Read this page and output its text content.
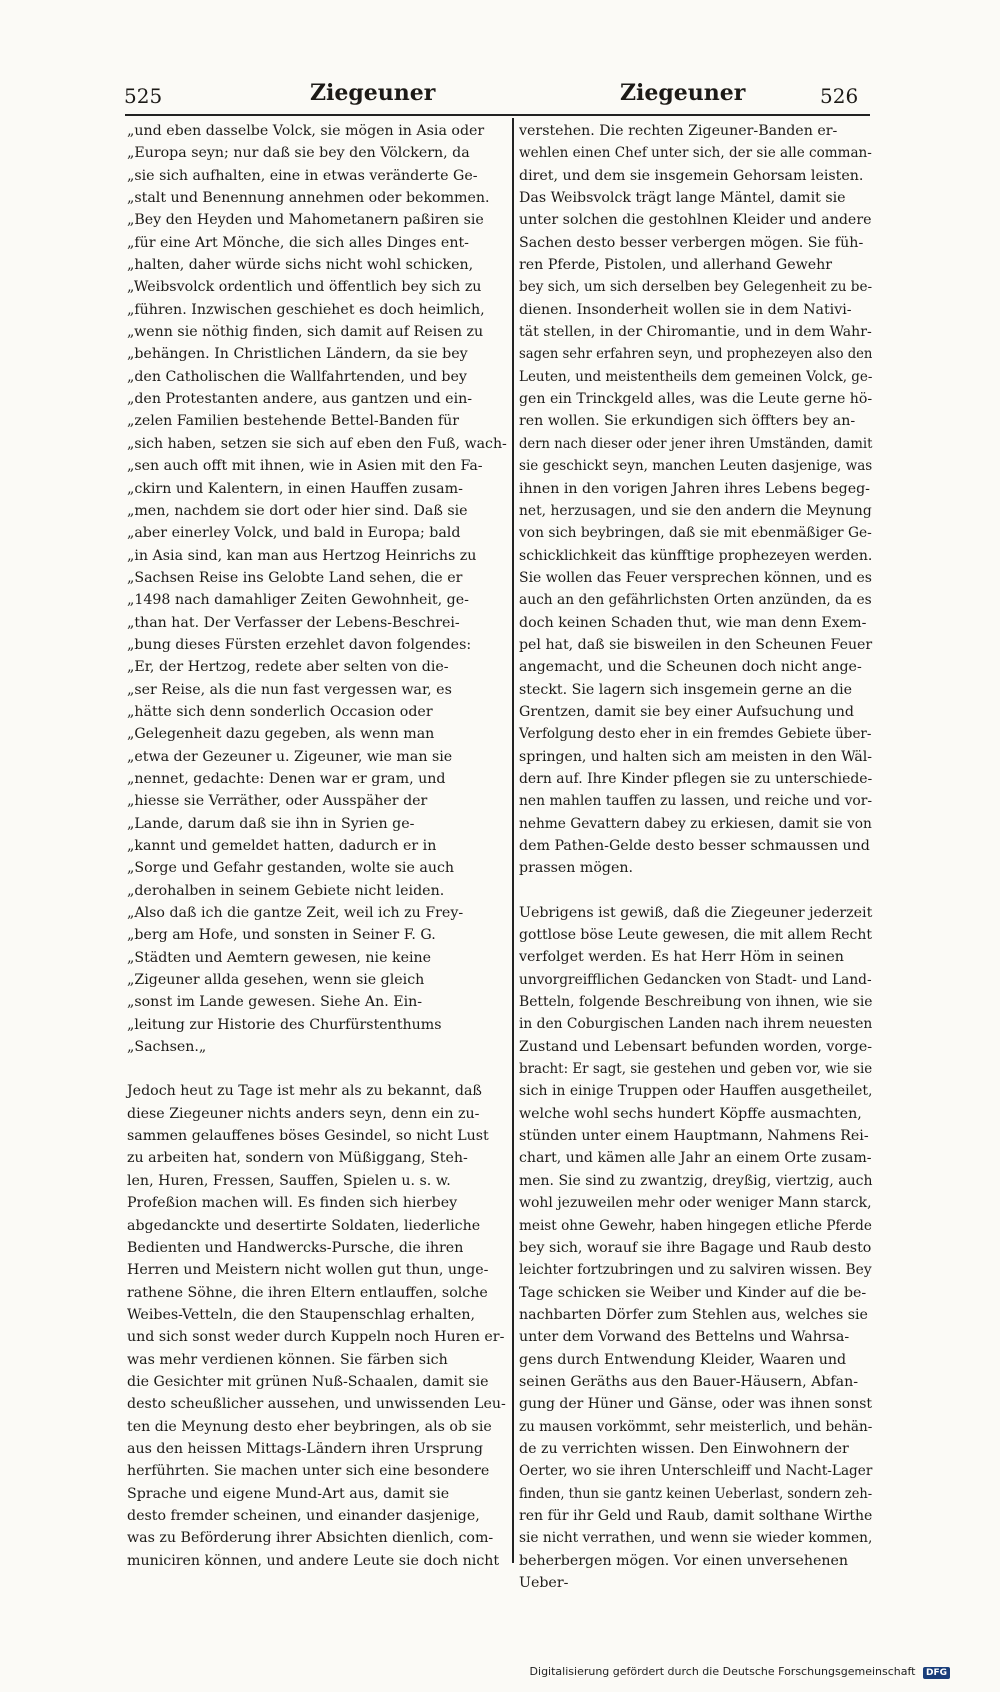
525	Ziegeuner	Ziegeuner	526

„und eben dasselbe Volck, sie mögen in Asia oder

„Europa seyn; nur daß sie bey den Völckern, da

„sie sich aufhalten, eine in etwas veränderte Ge-

„stalt und Benennung annehmen oder bekommen.

„Bey den Heyden und Mahometanern paßiren sie

„für eine Art Mönche, die sich alles Dinges ent-

„halten, daher würde sichs nicht wohl schicken,

„Weibsvolck ordentlich und öffentlich bey sich zu

„führen. Inzwischen geschiehet es doch heimlich,

„wenn sie nöthig finden, sich damit auf Reisen zu

„behängen. In Christlichen Ländern, da sie bey

„den Catholischen die Wallfahrtenden, und bey

„den Protestanten andere, aus gantzen und ein-

„zelen Familien bestehende Bettel-Banden für

„sich haben, setzen sie sich auf eben den Fuß, wach-

„sen auch offt mit ihnen, wie in Asien mit den Fa-

„ckirn und Kalentern, in einen Hauffen zusam-

„men, nachdem sie dort oder hier sind. Daß sie

„aber einerley Volck, und bald in Europa; bald

„in Asia sind, kan man aus Hertzog Heinrichs zu

„Sachsen Reise ins Gelobte Land sehen, die er

„1498 nach damahliger Zeiten Gewohnheit, ge-

„than hat. Der Verfasser der Lebens-Beschrei-

„bung dieses Fürsten erzehlet davon folgendes:

„Er, der Hertzog, redete aber selten von die-

„ser Reise, als die nun fast vergessen war, es

„hätte sich denn sonderlich Occasion oder

„Gelegenheit dazu gegeben, als wenn man

„etwa der Gezeuner u. Zigeuner, wie man sie

„nennet, gedachte: Denen war er gram, und

„hiesse sie Verräther, oder Ausspäher der

„Lande, darum daß sie ihn in Syrien ge-

„kannt und gemeldet hatten, dadurch er in

„Sorge und Gefahr gestanden, wolte sie auch

„derohalben in seinem Gebiete nicht leiden.

„Also daß ich die gantze Zeit, weil ich zu Frey-

„berg am Hofe, und sonsten in Seiner F. G.

„Städten und Aemtern gewesen, nie keine

„Zigeuner allda gesehen, wenn sie gleich

„sonst im Lande gewesen. Siehe An. Ein-

„leitung zur Historie des Churfürstenthums

„Sachsen.„

Jedoch heut zu Tage ist mehr als zu bekannt, daß

diese Ziegeuner nichts anders seyn, denn ein zu-

sammen gelauffenes böses Gesindel, so nicht Lust

zu arbeiten hat, sondern von Müßiggang, Steh-

len, Huren, Fressen, Sauffen, Spielen u. s. w.

Profeßion machen will. Es finden sich hierbey

abgedanckte und desertirte Soldaten, liederliche

Bedienten und Handwercks-Pursche, die ihren

Herren und Meistern nicht wollen gut thun, unge-

rathene Söhne, die ihren Eltern entlauffen, solche

Weibes-Vetteln, die den Staupenschlag erhalten,

und sich sonst weder durch Kuppeln noch Huren er-

was mehr verdienen können. Sie färben sich

die Gesichter mit grünen Nuß-Schaalen, damit sie

desto scheußlicher aussehen, und unwissenden Leu-

ten die Meynung desto eher beybringen, als ob sie

aus den heissen Mittags-Ländern ihren Ursprung

herführten. Sie machen unter sich eine besondere

Sprache und eigene Mund-Art aus, damit sie

desto fremder scheinen, und einander dasjenige,

was zu Beförderung ihrer Absichten dienlich, com-

municiren können, und andere Leute sie doch nicht

verstehen. Die rechten Zigeuner-Banden er-

wehlen einen Chef unter sich, der sie alle comman-

diret, und dem sie insgemein Gehorsam leisten.

Das Weibsvolck trägt lange Mäntel, damit sie

unter solchen die gestohlnen Kleider und andere

Sachen desto besser verbergen mögen. Sie füh-

ren Pferde, Pistolen, und allerhand Gewehr

bey sich, um sich derselben bey Gelegenheit zu be-

dienen. Insonderheit wollen sie in dem Nativi-

tät stellen, in der Chiromantie, und in dem Wahr-

sagen sehr erfahren seyn, und prophezeyen also den

Leuten, und meistentheils dem gemeinen Volck, ge-

gen ein Trinckgeld alles, was die Leute gerne hö-

ren wollen. Sie erkundigen sich öffters bey an-

dern nach dieser oder jener ihren Umständen, damit

sie geschickt seyn, manchen Leuten dasjenige, was

ihnen in den vorigen Jahren ihres Lebens begeg-

net, herzusagen, und sie den andern die Meynung

von sich beybringen, daß sie mit ebenmäßiger Ge-

schicklichkeit das künfftige prophezeyen werden.

Sie wollen das Feuer versprechen können, und es

auch an den gefährlichsten Orten anzünden, da es

doch keinen Schaden thut, wie man denn Exem-

pel hat, daß sie bisweilen in den Scheunen Feuer

angemacht, und die Scheunen doch nicht ange-

steckt. Sie lagern sich insgemein gerne an die

Grentzen, damit sie bey einer Aufsuchung und

Verfolgung desto eher in ein fremdes Gebiete über-

springen, und halten sich am meisten in den Wäl-

dern auf. Ihre Kinder pflegen sie zu unterschiede-

nen mahlen tauffen zu lassen, und reiche und vor-

nehme Gevattern dabey zu erkiesen, damit sie von

dem Pathen-Gelde desto besser schmaussen und

prassen mögen.

Uebrigens ist gewiß, daß die Ziegeuner jederzeit

gottlose böse Leute gewesen, die mit allem Recht

verfolget werden. Es hat Herr Höm in seinen

unvorgreifflichen Gedancken von Stadt- und Land-

Betteln, folgende Beschreibung von ihnen, wie sie

in den Coburgischen Landen nach ihrem neuesten

Zustand und Lebensart befunden worden, vorge-

bracht: Er sagt, sie gestehen und geben vor, wie sie

sich in einige Truppen oder Hauffen ausgetheilet,

welche wohl sechs hundert Köpffe ausmachten,

stünden unter einem Hauptmann, Nahmens Rei-

chart, und kämen alle Jahr an einem Orte zusam-

men. Sie sind zu zwantzig, dreyßig, viertzig, auch

wohl jezuweilen mehr oder weniger Mann starck,

meist ohne Gewehr, haben hingegen etliche Pferde

bey sich, worauf sie ihre Bagage und Raub desto

leichter fortzubringen und zu salviren wissen. Bey

Tage schicken sie Weiber und Kinder auf die be-

nachbarten Dörfer zum Stehlen aus, welches sie

unter dem Vorwand des Bettelns und Wahrsa-

gens durch Entwendung Kleider, Waaren und

seinen Geräths aus den Bauer-Häusern, Abfan-

gung der Hüner und Gänse, oder was ihnen sonst

zu mausen vorkömmt, sehr meisterlich, und behän-

de zu verrichten wissen. Den Einwohnern der

Oerter, wo sie ihren Unterschleiff und Nacht-Lager

finden, thun sie gantz keinen Ueberlast, sondern zeh-

ren für ihr Geld und Raub, damit solthane Wirthe

sie nicht verrathen, und wenn sie wieder kommen,

beherbergen mögen. Vor einen unversehenen

Ueber-

Digitalisierung gefördert durch die Deutsche Forschungsgemeinschaft DFG
